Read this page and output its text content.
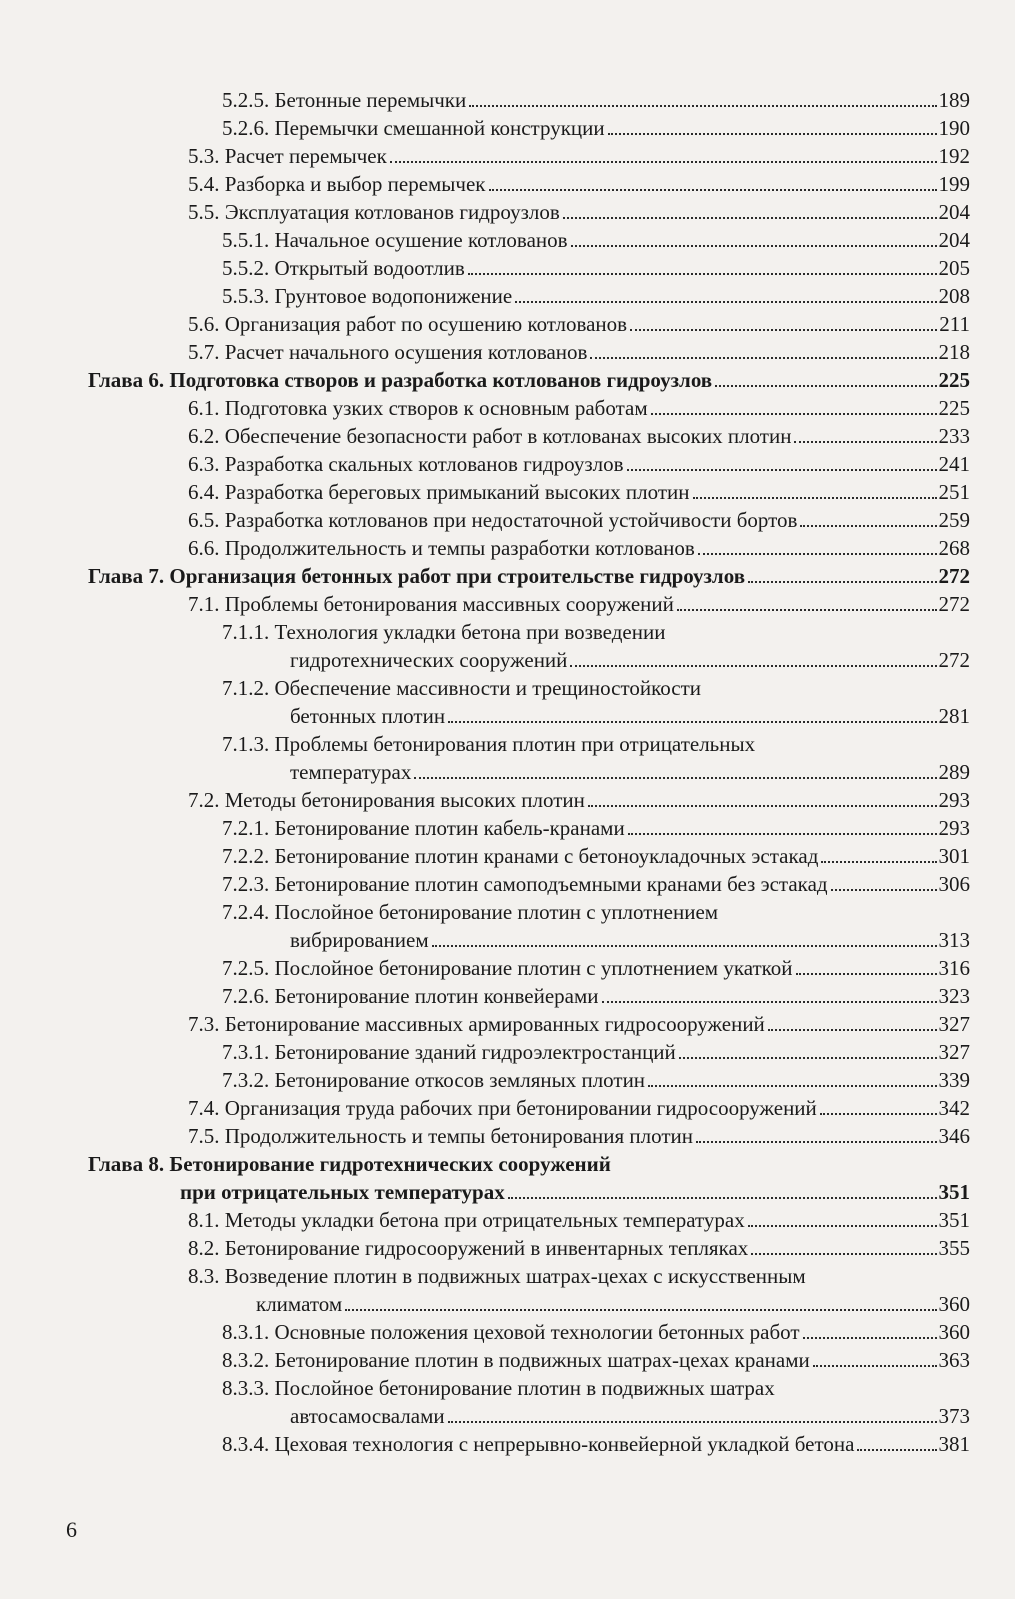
5.2.5. Бетонные перемычки	189
5.2.6. Перемычки смешанной конструкции	190
5.3. Расчет перемычек	192
5.4. Разборка и выбор перемычек	199
5.5. Эксплуатация котлованов гидроузлов	204
5.5.1. Начальное осушение котлованов	204
5.5.2. Открытый водоотлив	205
5.5.3. Грунтовое водопонижение	208
5.6. Организация работ по осушению котлованов	211
5.7. Расчет начального осушения котлованов	218
Глава 6. Подготовка створов и разработка котлованов гидроузлов	225
6.1. Подготовка узких створов к основным работам	225
6.2. Обеспечение безопасности работ в котлованах высоких плотин	233
6.3. Разработка скальных котлованов гидроузлов	241
6.4. Разработка береговых примыканий высоких плотин	251
6.5. Разработка котлованов при недостаточной устойчивости бортов	259
6.6. Продолжительность и темпы разработки котлованов	268
Глава 7. Организация бетонных работ при строительстве гидроузлов	272
7.1. Проблемы бетонирования массивных сооружений	272
7.1.1. Технология укладки бетона при возведении
гидротехнических сооружений	272
7.1.2. Обеспечение массивности и трещиностойкости
бетонных плотин	281
7.1.3. Проблемы бетонирования плотин при отрицательных
температурах	289
7.2. Методы бетонирования высоких плотин	293
7.2.1. Бетонирование плотин кабель-кранами	293
7.2.2. Бетонирование плотин кранами с бетоноукладочных эстакад	301
7.2.3. Бетонирование плотин самоподъемными кранами без эстакад	306
7.2.4. Послойное бетонирование плотин с уплотнением
вибрированием	313
7.2.5. Послойное бетонирование плотин с уплотнением укаткой	316
7.2.6. Бетонирование плотин конвейерами	323
7.3. Бетонирование массивных армированных гидросооружений	327
7.3.1. Бетонирование зданий гидроэлектростанций	327
7.3.2. Бетонирование откосов земляных плотин	339
7.4. Организация труда рабочих при бетонировании гидросооружений	342
7.5. Продолжительность и темпы бетонирования плотин	346
Глава 8. Бетонирование гидротехнических сооружений
при отрицательных температурах	351
8.1. Методы укладки бетона при отрицательных температурах	351
8.2. Бетонирование гидросооружений в инвентарных тепляках	355
8.3. Возведение плотин в подвижных шатрах-цехах с искусственным
климатом	360
8.3.1. Основные положения цеховой технологии бетонных работ	360
8.3.2. Бетонирование плотин в подвижных шатрах-цехах кранами	363
8.3.3. Послойное бетонирование плотин в подвижных шатрах
автосамосвалами	373
8.3.4. Цеховая технология с непрерывно-конвейерной укладкой бетона	381
6
